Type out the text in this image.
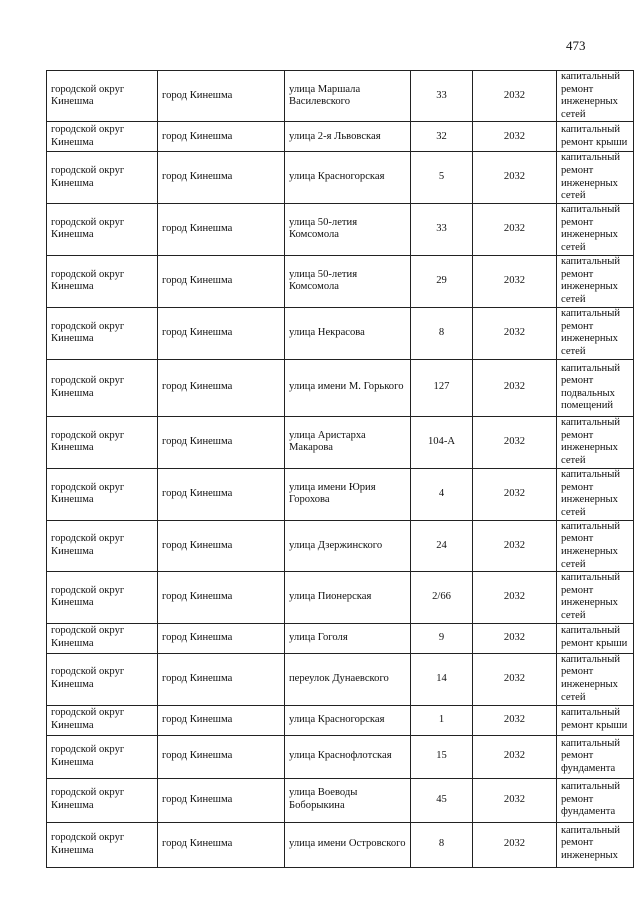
473
городской округ Кинешма	город Кинешма	улица Маршала Василевского	33	2032	капитальный ремонт инженерных сетей
городской округ Кинешма	город Кинешма	улица 2-я Львовская	32	2032	капитальный ремонт крыши
городской округ Кинешма	город Кинешма	улица Красногорская	5	2032	капитальный ремонт инженерных сетей
городской округ Кинешма	город Кинешма	улица 50-летия Комсомола	33	2032	капитальный ремонт инженерных сетей
городской округ Кинешма	город Кинешма	улица 50-летия Комсомола	29	2032	капитальный ремонт инженерных сетей
городской округ Кинешма	город Кинешма	улица Некрасова	8	2032	капитальный ремонт инженерных сетей
городской округ Кинешма	город Кинешма	улица имени М. Горького	127	2032	капитальный ремонт подвальных помещений
городской округ Кинешма	город Кинешма	улица Аристарха Макарова	104-А	2032	капитальный ремонт инженерных сетей
городской округ Кинешма	город Кинешма	улица имени Юрия Горохова	4	2032	капитальный ремонт инженерных сетей
городской округ Кинешма	город Кинешма	улица Дзержинского	24	2032	капитальный ремонт инженерных сетей
городской округ Кинешма	город Кинешма	улица Пионерская	2/66	2032	капитальный ремонт инженерных сетей
городской округ Кинешма	город Кинешма	улица Гоголя	9	2032	капитальный ремонт крыши
городской округ Кинешма	город Кинешма	переулок Дунаевского	14	2032	капитальный ремонт инженерных сетей
городской округ Кинешма	город Кинешма	улица Красногорская	1	2032	капитальный ремонт крыши
городской округ Кинешма	город Кинешма	улица Краснофлотская	15	2032	капитальный ремонт фундамента
городской округ Кинешма	город Кинешма	улица Воеводы Боборыкина	45	2032	капитальный ремонт фундамента
городской округ Кинешма	город Кинешма	улица имени Островского	8	2032	капитальный ремонт инженерных
